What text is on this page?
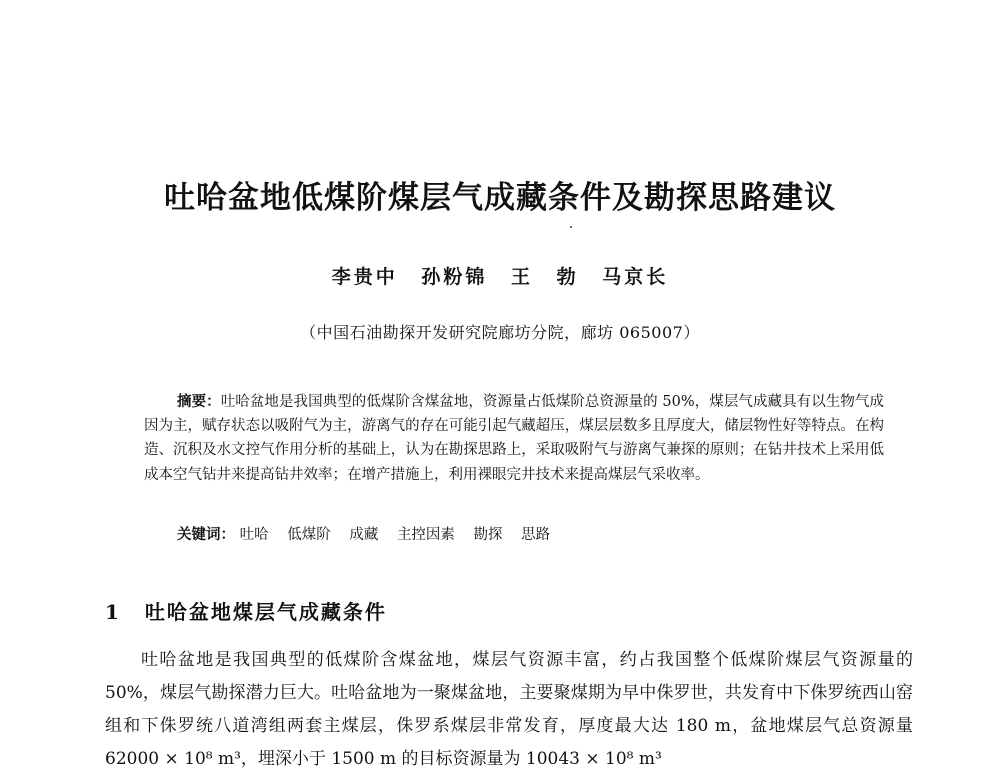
吐哈盆地低煤阶煤层气成藏条件及勘探思路建议
李贵中 孙粉锦 王 勃 马京长
（中国石油勘探开发研究院廊坊分院，廊坊 065007）
摘要：吐哈盆地是我国典型的低煤阶含煤盆地，资源量占低煤阶总资源量的 50%，煤层气成藏具有以生物气成因为主，赋存状态以吸附气为主，游离气的存在可能引起气藏超压，煤层层数多且厚度大，储层物性好等特点。在构造、沉积及水文控气作用分析的基础上，认为在勘探思路上，采取吸附气与游离气兼探的原则；在钻井技术上采用低成本空气钻井来提高钻井效率；在增产措施上，利用裸眼完井技术来提高煤层气采收率。
关键词： 吐哈 低煤阶 成藏 主控因素 勘探 思路
1 吐哈盆地煤层气成藏条件
吐哈盆地是我国典型的低煤阶含煤盆地，煤层气资源丰富，约占我国整个低煤阶煤层气资源量的 50%，煤层气勘探潜力巨大。吐哈盆地为一聚煤盆地，主要聚煤期为早中侏罗世，共发育中下侏罗统西山窑组和下侏罗统八道湾组两套主煤层，侏罗系煤层非常发育，厚度最大达 180 m，盆地煤层气总资源量 62000 × 10⁸ m³，埋深小于 1500 m 的目标资源量为 10043 × 10⁸ m³
